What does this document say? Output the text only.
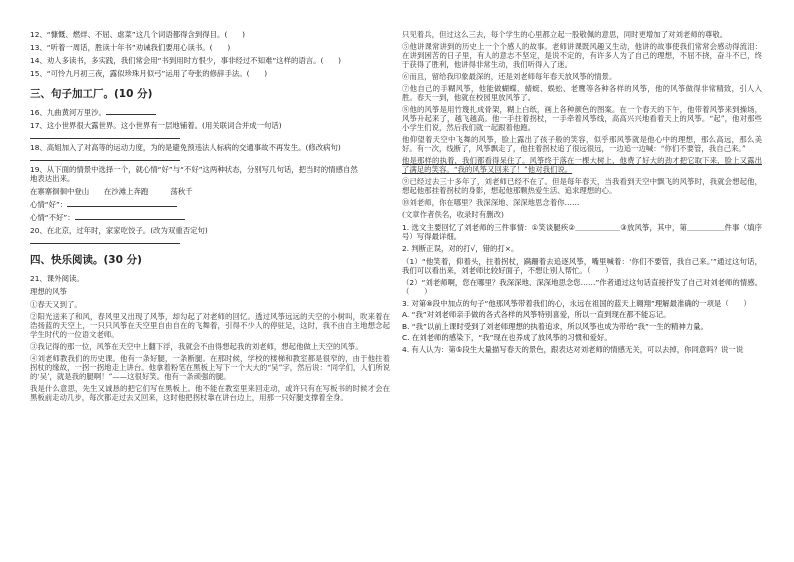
12、“慷慨、燃烊、不屈、虐菜”这几个词语都得含到得目。(　　)

13、“听着一周话，胜读十年书”劝诫我们要用心读书。(　　)

14、劝人多读书，多实践，我们常会用“书到用时方恨少，事非经过不知难”这样的语言。(　　)

15、“可怜九月初三夜，露似珍珠月似弓”运用了夸张的修辞手法。(　　)

三、句子加工厂。(10 分)

16、九曲黄河万里沙。

17、这小世界很大露世界。这小世界有一层地铺着。(用关联词合并成一句话)

18、高姐加入了对高等的运动力度，为的是避免预违法人标病的交通事故不再发生。(修改病句)

19、从下面的情景中选择一个，就心情“好”与“不好”这两种状态，分别写几句话，把当时的情感自然

地表达出来。

在寨寨徊徊中登山　　在沙滩上奔跑　　　荡秋千

心情“好”：

心情“不好”：

20、在北京，过年时，家家吃饺子。(改为双重否定句)

四、快乐阅读。(30 分)

21、课外阅读。

理想的风筝

①春天又到了。

②阳光送来了和风，春风里又出现了风筝，却勾起了对老师的回忆。透过风筝远远的天空的小树叫，吹来着在浩扬蓝的天空上，一只只风筝在天空里自由自在的飞舞着，引得不少人的停驻足，这时，我不由自主地想念起学生时代的一位语文老师。

③我记得的那一位，风筝在天空中上翻下浮，我就会不由得想起我的刘老师，想起他做上天空的风筝。

④刘老师教我们的历史课。他有一条好腿，一条断腿。在那时候，学校的楼梯和教室都是很窄的，由于他拄着拐杖的缘故，一拐一拐地走上讲台。他拿着粉笔在黑板上写下一个大大的“吴”字，然后说：“同学们，人们所说的‘吴’，就是我的腿啊！”——这很好笑。他有一条顽强的腿。

我是什么意思，先生又诚恳的把它们写在黑板上。他不能在教室里来回走动，或许只有在写板书的时候才会在黑板前走动几步，每次都走过去又回来，这时他把拐杖靠在讲台边上，用那一只好腿支撑着全身。

只见着兵，但过这么三去，每个学生的心里都立起一股敬佩的意思，同时更增加了对刘老师的尊敬。

⑤他讲课常讲到的历史上一个个感人的故事。老师讲课既风趣又生动，他讲的故事使我们常常会感动得流泪：在讲到困苦的日子里，有人的意志不坚定，是说不定的，有许多人为了自己的理想，不屈不挠，奋斗不已，终于获得了胜利，他讲得非常生动，我们听得入了迷。

⑥而且，留给我印象最深的，还是刘老师每年春天放风筝的情景。

⑦他自己的手糊风筝，他能做蝴蝶、蜻蜓、蜈蚣、老鹰等各种各样的风筝，他的风筝做得非常精致，引人入胜。春天一到，他就在校园里放风筝了。

⑧他的风筝是用竹篾扎成骨架，糊上白纸，画上各种颜色的图案。在一个春天的下午，他带着风筝来到操场，风筝升起来了，越飞越高。他一手拄着拐杖，一手牵着风筝线，高高兴兴地看着天上的风筝。“起”，他对那些小学生们说，然后我们就一起跟着他跑。

他仰望着天空中飞舞的风筝，脸上露出了孩子般的笑容，似乎那风筝就是他心中的理想，那么高远，那么美好。有一次，线断了，风筝飘走了，他拄着拐杖追了很远很远，一边追一边喊：“你们不要管，我自己来。”

他是那样的执着，我们都看得呆住了。风筝终于落在一棵大树上，他费了好大的劲才把它取下来，脸上又露出了满足的笑容。“我的风筝又回来了！”他对我们说。

⑨已经过去三十多年了，刘老师已经不在了。但是每年春天，当我看到天空中飘飞的风筝时，我就会想起他，想起他那挂着拐杖的身影，想起他那颗热爱生活、追求理想的心。

⑩刘老师，你在哪里？我深深地、深深地思念着你……

(文章作者佚名，收录时有删改)

1. 选文主要回忆了刘老师的三件事情：①笑谈腿疾②＿＿＿＿＿＿③放风筝，其中，第＿＿＿＿＿件事（填序号）写得最详细。

2. 判断正误，对的打√，错的打×。

（1）“他笑着，仰着头，拄着拐杖，蹒跚着去追逐风筝，嘴里喊着：‘你们不要管，我自己来。’”通过这句话，我们可以看出来，刘老师比较好面子，不想让别人帮忙。（　　）

（2）“刘老师啊，您在哪里？我深深地、深深地思念您……”作者通过这句话直接抒发了自己对刘老师的情感。（　　）

3. 对第⑧段中加点的句子“他那风筝带着我们的心，永远在祖国的蓝天上翱翔”理解最准确的一项是（　　）

A. “我”对刘老师亲手做的各式各样的风筝特别喜爱，所以一直到现在都不能忘记。

B. “我”以前上课时受到了刘老师理想的执着追求，所以风筝也成为带给“我”一生的精神力量。

C. 在刘老师的感染下，“我”现在也养成了放风筝的习惯和爱好。

4. 有人认为：第⑤段生大量描写春天的景色，跟表达对刘老师的情感无关，可以去掉，你同意吗？说一说
